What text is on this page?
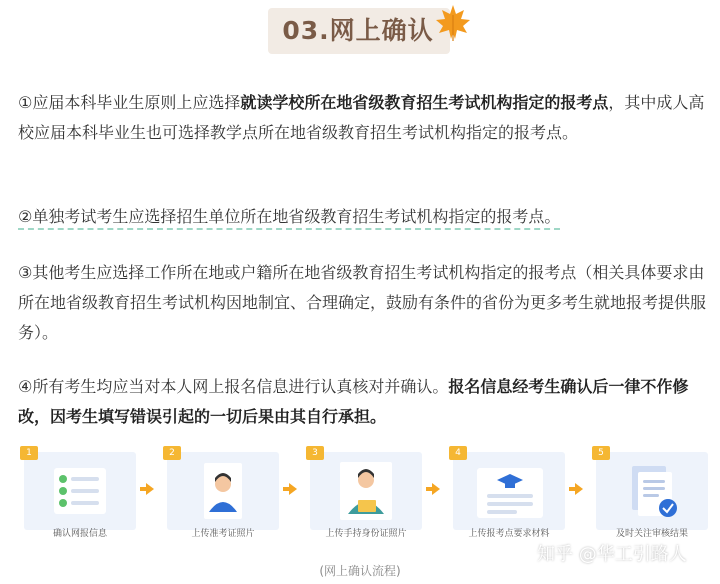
03.网上确认
①应届本科毕业生原则上应选择就读学校所在地省级教育招生考试机构指定的报考点，其中成人高校应届本科毕业生也可选择教学点所在地省级教育招生考试机构指定的报考点。
②单独考试考生应选择招生单位所在地省级教育招生考试机构指定的报考点。
③其他考生应选择工作所在地或户籍所在地省级教育招生考试机构指定的报考点（相关具体要求由所在地省级教育招生考试机构因地制宜、合理确定，鼓励有条件的省份为更多考生就地报考提供服务）。
④所有考生均应当对本人网上报名信息进行认真核对并确认。报名信息经考生确认后一律不作修改，因考生填写错误引起的一切后果由其自行承担。
1
确认网报信息
2
上传准考证照片
3
上传手持身份证照片
4
上传报考点要求材料
5
及时关注审核结果
知乎 @华工引路人
(网上确认流程)
